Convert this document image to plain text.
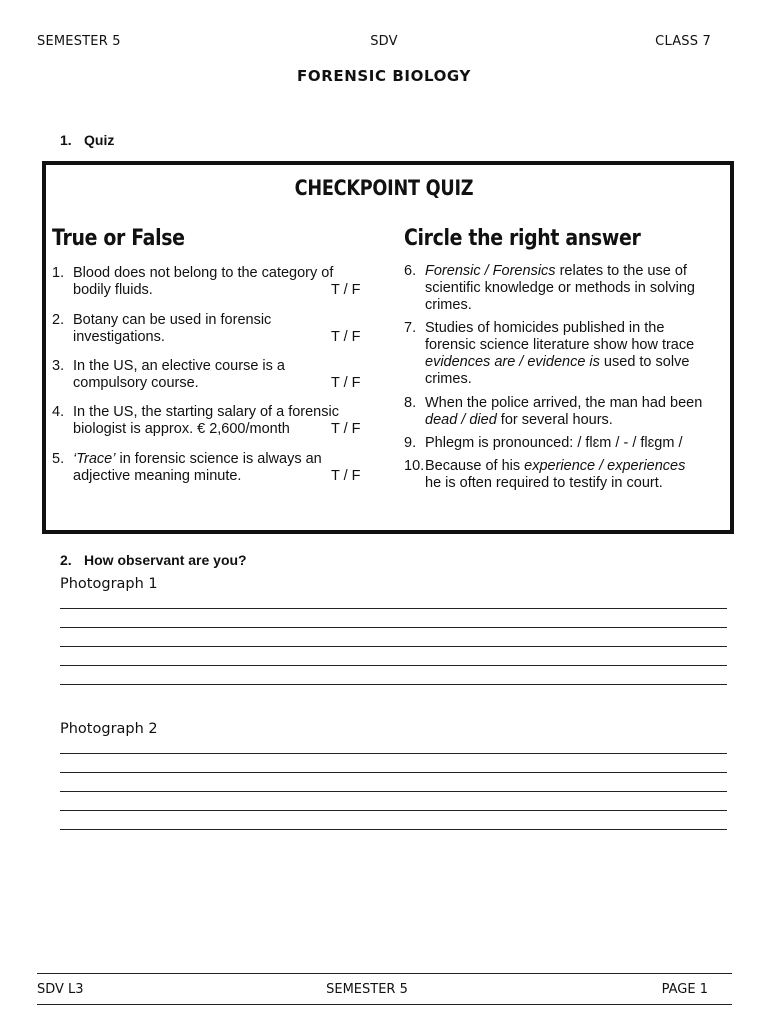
SEMESTER 5	SDV	CLASS 7
FORENSIC BIOLOGY
1. Quiz
CHECKPOINT QUIZ
True or False	Circle the right answer
1. Blood does not belong to the category of
bodily fluids.	T / F
2. Botany can be used in forensic
investigations.	T / F
3. In the US, an elective course is a
compulsory course.	T / F
4. In the US, the starting salary of a forensic
biologist is approx. € 2,600/month	T / F
5. ‘Trace’ in forensic science is always an
adjective meaning minute.	T / F
6. Forensic / Forensics relates to the use of
scientific knowledge or methods in solving
crimes.
7. Studies of homicides published in the
forensic science literature show how trace
evidences are / evidence is used to solve
crimes.
8. When the police arrived, the man had been
dead / died for several hours.
9. Phlegm is pronounced: / flɛm / - / flɛgm /
10. Because of his experience / experiences
he is often required to testify in court.
2. How observant are you?
Photograph 1
Photograph 2
SDV L3	SEMESTER 5	PAGE 1
